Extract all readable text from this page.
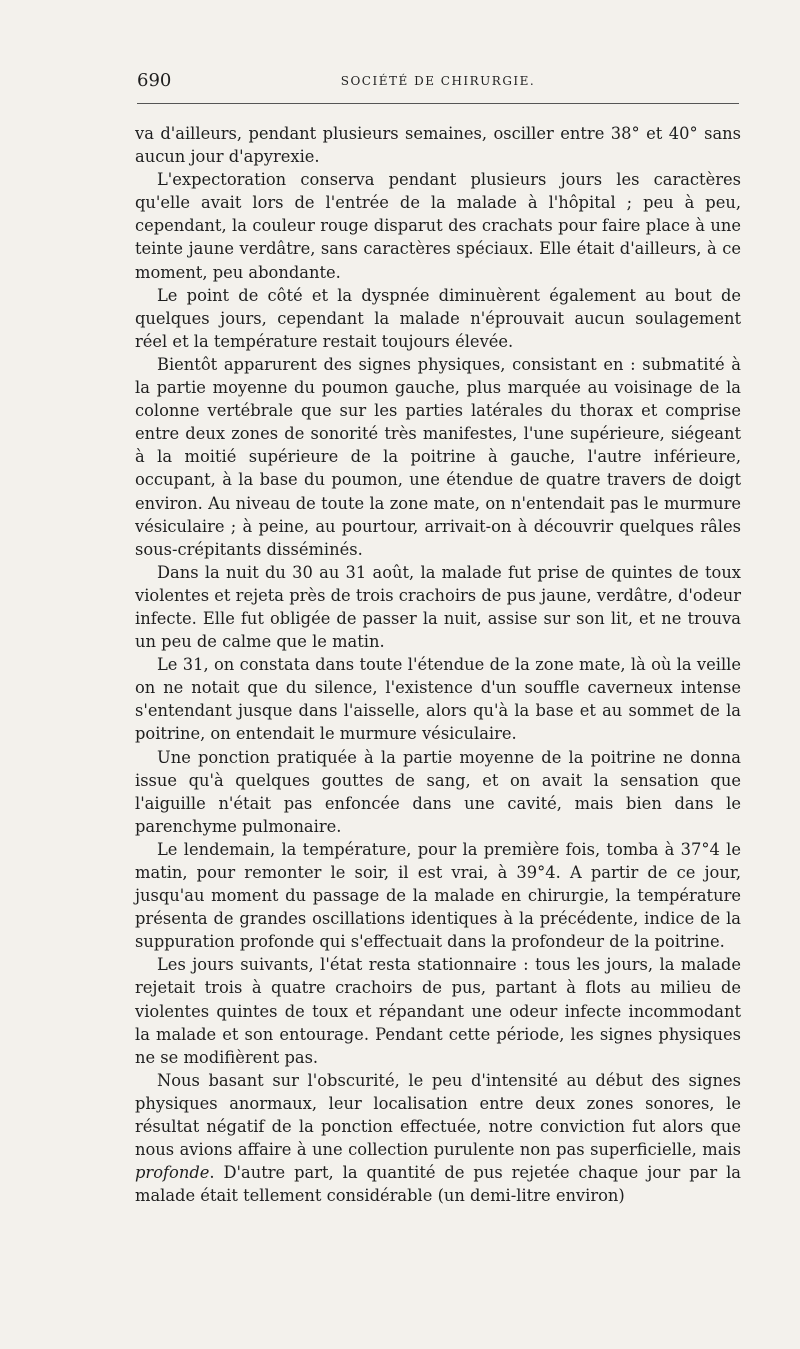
690	SOCIÉTÉ DE CHIRURGIE.

va d'ailleurs, pendant plusieurs semaines, osciller entre 38° et 40° sans aucun jour d'apyrexie.

L'expectoration conserva pendant plusieurs jours les caractères qu'elle avait lors de l'entrée de la malade à l'hôpital ; peu à peu, cependant, la couleur rouge disparut des crachats pour faire place à une teinte jaune verdâtre, sans caractères spéciaux. Elle était d'ailleurs, à ce moment, peu abondante.

Le point de côté et la dyspnée diminuèrent également au bout de quelques jours, cependant la malade n'éprouvait aucun soulagement réel et la température restait toujours élevée.

Bientôt apparurent des signes physiques, consistant en : submatité à la partie moyenne du poumon gauche, plus marquée au voisinage de la colonne vertébrale que sur les parties latérales du thorax et comprise entre deux zones de sonorité très manifestes, l'une supérieure, siégeant à la moitié supérieure de la poitrine à gauche, l'autre inférieure, occupant, à la base du poumon, une étendue de quatre travers de doigt environ. Au niveau de toute la zone mate, on n'entendait pas le murmure vésiculaire ; à peine, au pourtour, arrivait-on à découvrir quelques râles sous-crépitants disséminés.

Dans la nuit du 30 au 31 août, la malade fut prise de quintes de toux violentes et rejeta près de trois crachoirs de pus jaune, verdâtre, d'odeur infecte. Elle fut obligée de passer la nuit, assise sur son lit, et ne trouva un peu de calme que le matin.

Le 31, on constata dans toute l'étendue de la zone mate, là où la veille on ne notait que du silence, l'existence d'un souffle caverneux intense s'entendant jusque dans l'aisselle, alors qu'à la base et au sommet de la poitrine, on entendait le murmure vésiculaire.

Une ponction pratiquée à la partie moyenne de la poitrine ne donna issue qu'à quelques gouttes de sang, et on avait la sensation que l'aiguille n'était pas enfoncée dans une cavité, mais bien dans le parenchyme pulmonaire.

Le lendemain, la température, pour la première fois, tomba à 37°4 le matin, pour remonter le soir, il est vrai, à 39°4. A partir de ce jour, jusqu'au moment du passage de la malade en chirurgie, la température présenta de grandes oscillations identiques à la précédente, indice de la suppuration profonde qui s'effectuait dans la profondeur de la poitrine.

Les jours suivants, l'état resta stationnaire : tous les jours, la malade rejetait trois à quatre crachoirs de pus, partant à flots au milieu de violentes quintes de toux et répandant une odeur infecte incommodant la malade et son entourage. Pendant cette période, les signes physiques ne se modifièrent pas.

Nous basant sur l'obscurité, le peu d'intensité au début des signes physiques anormaux, leur localisation entre deux zones sonores, le résultat négatif de la ponction effectuée, notre conviction fut alors que nous avions affaire à une collection purulente non pas superficielle, mais profonde. D'autre part, la quantité de pus rejetée chaque jour par la malade était tellement considérable (un demi-litre environ)
